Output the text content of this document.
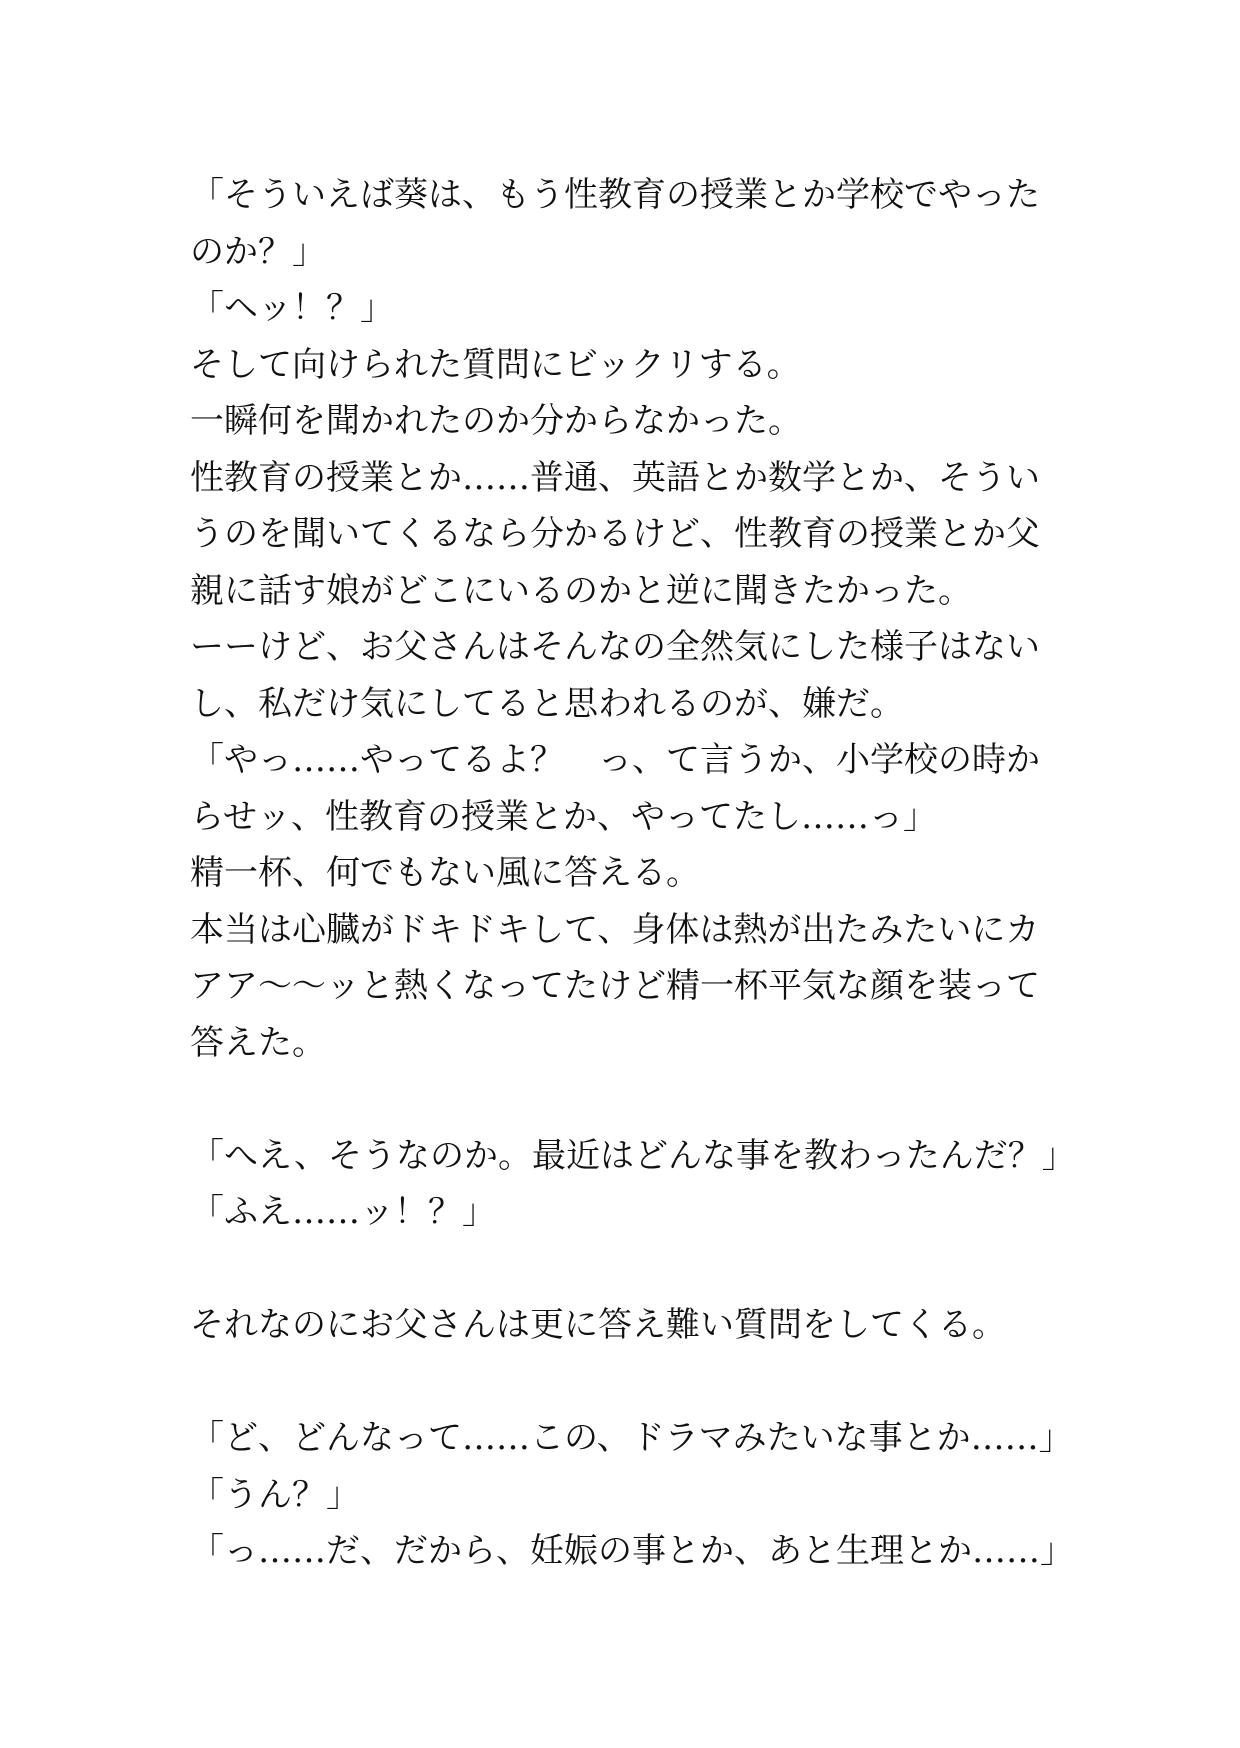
「そういえば葵は、もう性教育の授業とか学校でやった
のか？」
「ヘッ！？」
そして向けられた質問にビックリする。
一瞬何を聞かれたのか分からなかった。
性教育の授業とか……普通、英語とか数学とか、そうい
うのを聞いてくるなら分かるけど、性教育の授業とか父
親に話す娘がどこにいるのかと逆に聞きたかった。
ーーけど、お父さんはそんなの全然気にした様子はない
し、私だけ気にしてると思われるのが、嫌だ。
「やっ……やってるよ？　っ、て言うか、小学校の時か
らせッ、性教育の授業とか、やってたし……っ」
精一杯、何でもない風に答える。
本当は心臓がドキドキして、身体は熱が出たみたいにカ
アア〜〜ッと熱くなってたけど精一杯平気な顔を装って
答えた。
「へえ、そうなのか。最近はどんな事を教わったんだ？」
「ふえ……ッ！？」
それなのにお父さんは更に答え難い質問をしてくる。
「ど、どんなって……この、ドラマみたいな事とか……」
「うん？」
「っ……だ、だから、妊娠の事とか、あと生理とか……」
